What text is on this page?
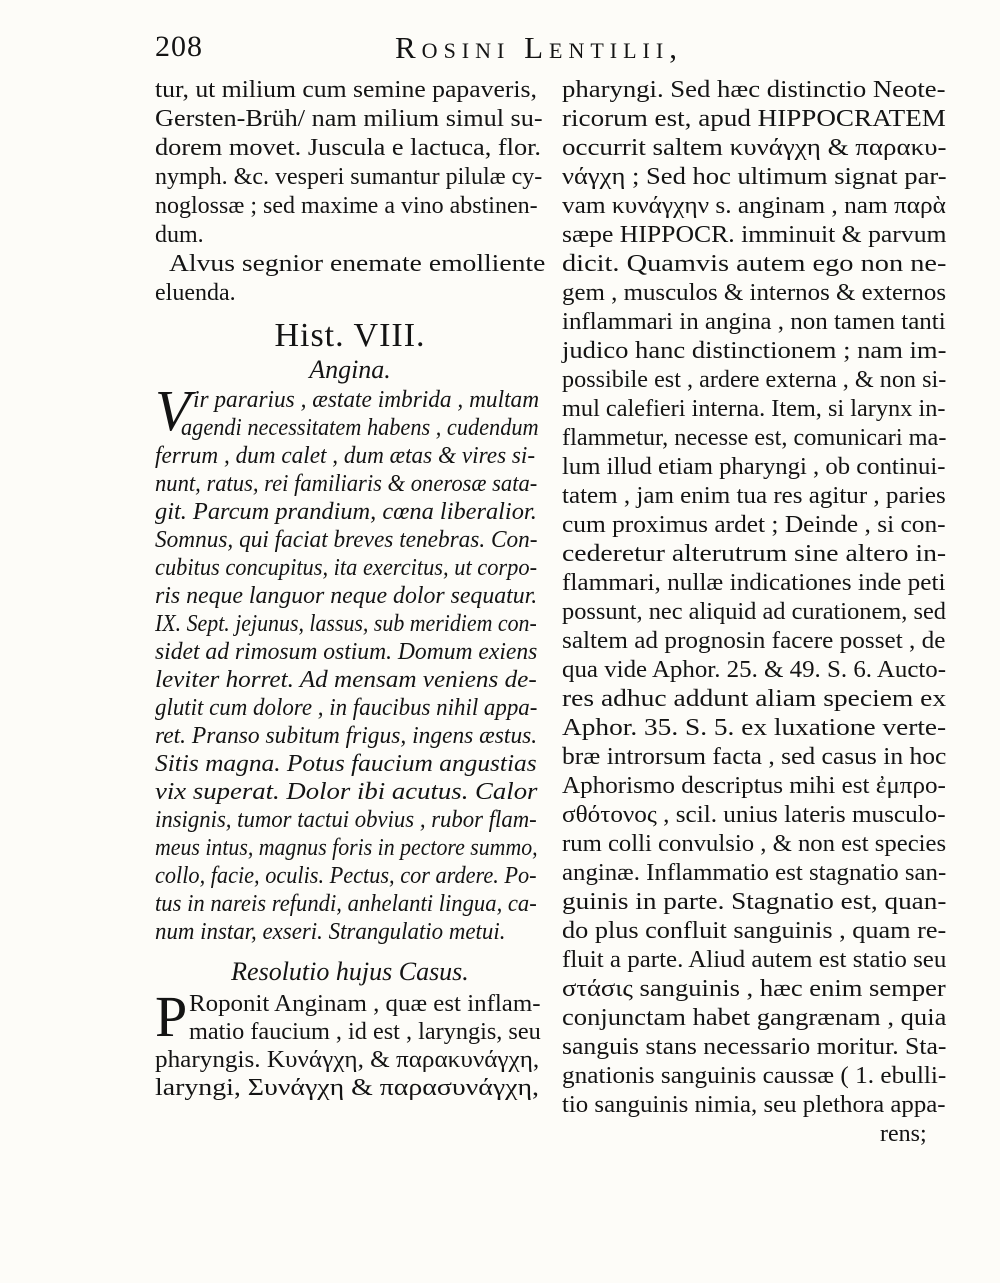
208	Rosini Lentilii,
V
P
tur, ut milium cum semine papaveris,
Gersten-Brüh/ nam milium simul su-
dorem movet. Juscula e lactuca, flor.
nymph. &c. vesperi sumantur pilulæ cy-
noglossæ ; sed maxime a vino abstinen-
dum.
Alvus segnior enemate emolliente
eluenda.
Hist. VIII.
Angina.
ir pararius , æstate imbrida , multam
agendi necessitatem habens , cudendum
ferrum , dum calet , dum ætas & vires si-
nunt, ratus, rei familiaris & onerosæ sata-
git. Parcum prandium, cœna liberalior.
Somnus, qui faciat breves tenebras. Con-
cubitus concupitus, ita exercitus, ut corpo-
ris neque languor neque dolor sequatur.
IX. Sept. jejunus, lassus, sub meridiem con-
sidet ad rimosum ostium. Domum exiens
leviter horret. Ad mensam veniens de-
glutit cum dolore , in faucibus nihil appa-
ret. Pranso subitum frigus, ingens æstus.
Sitis magna. Potus faucium angustias
vix superat. Dolor ibi acutus. Calor
insignis, tumor tactui obvius , rubor flam-
meus intus, magnus foris in pectore summo,
collo, facie, oculis. Pectus, cor ardere. Po-
tus in nareis refundi, anhelanti lingua, ca-
num instar, exseri. Strangulatio metui.
Resolutio hujus Casus.
Roponit Anginam , quæ est inflam-
matio faucium , id est , laryngis, seu
pharyngis. Κυνάγχη, & παρακυνάγχη,
laryngi, Συνάγχη & παρασυνάγχη,
pharyngi. Sed hæc distinctio Neote-
ricorum est, apud HIPPOCRATEM
occurrit saltem κυνάγχη & παρακυ-
νάγχη ; Sed hoc ultimum signat par-
vam κυνάγχην s. anginam , nam παρὰ
sæpe HIPPOCR. imminuit & parvum
dicit. Quamvis autem ego non ne-
gem , musculos & internos & externos
inflammari in angina , non tamen tanti
judico hanc distinctionem ; nam im-
possibile est , ardere externa , & non si-
mul calefieri interna. Item, si larynx in-
flammetur, necesse est, comunicari ma-
lum illud etiam pharyngi , ob continui-
tatem , jam enim tua res agitur , paries
cum proximus ardet ; Deinde , si con-
cederetur alterutrum sine altero in-
flammari, nullæ indicationes inde peti
possunt, nec aliquid ad curationem, sed
saltem ad prognosin facere posset , de
qua vide Aphor. 25. & 49. S. 6. Aucto-
res adhuc addunt aliam speciem ex
Aphor. 35. S. 5. ex luxatione verte-
bræ introrsum facta , sed casus in hoc
Aphorismo descriptus mihi est ἐμπρο-
σθότονος , scil. unius lateris musculo-
rum colli convulsio , & non est species
anginæ. Inflammatio est stagnatio san-
guinis in parte. Stagnatio est, quan-
do plus confluit sanguinis , quam re-
fluit a parte. Aliud autem est statio seu
στάσις sanguinis , hæc enim semper
conjunctam habet gangrænam , quia
sanguis stans necessario moritur. Sta-
gnationis sanguinis caussæ ( 1. ebulli-
tio sanguinis nimia, seu plethora appa-
rens;
